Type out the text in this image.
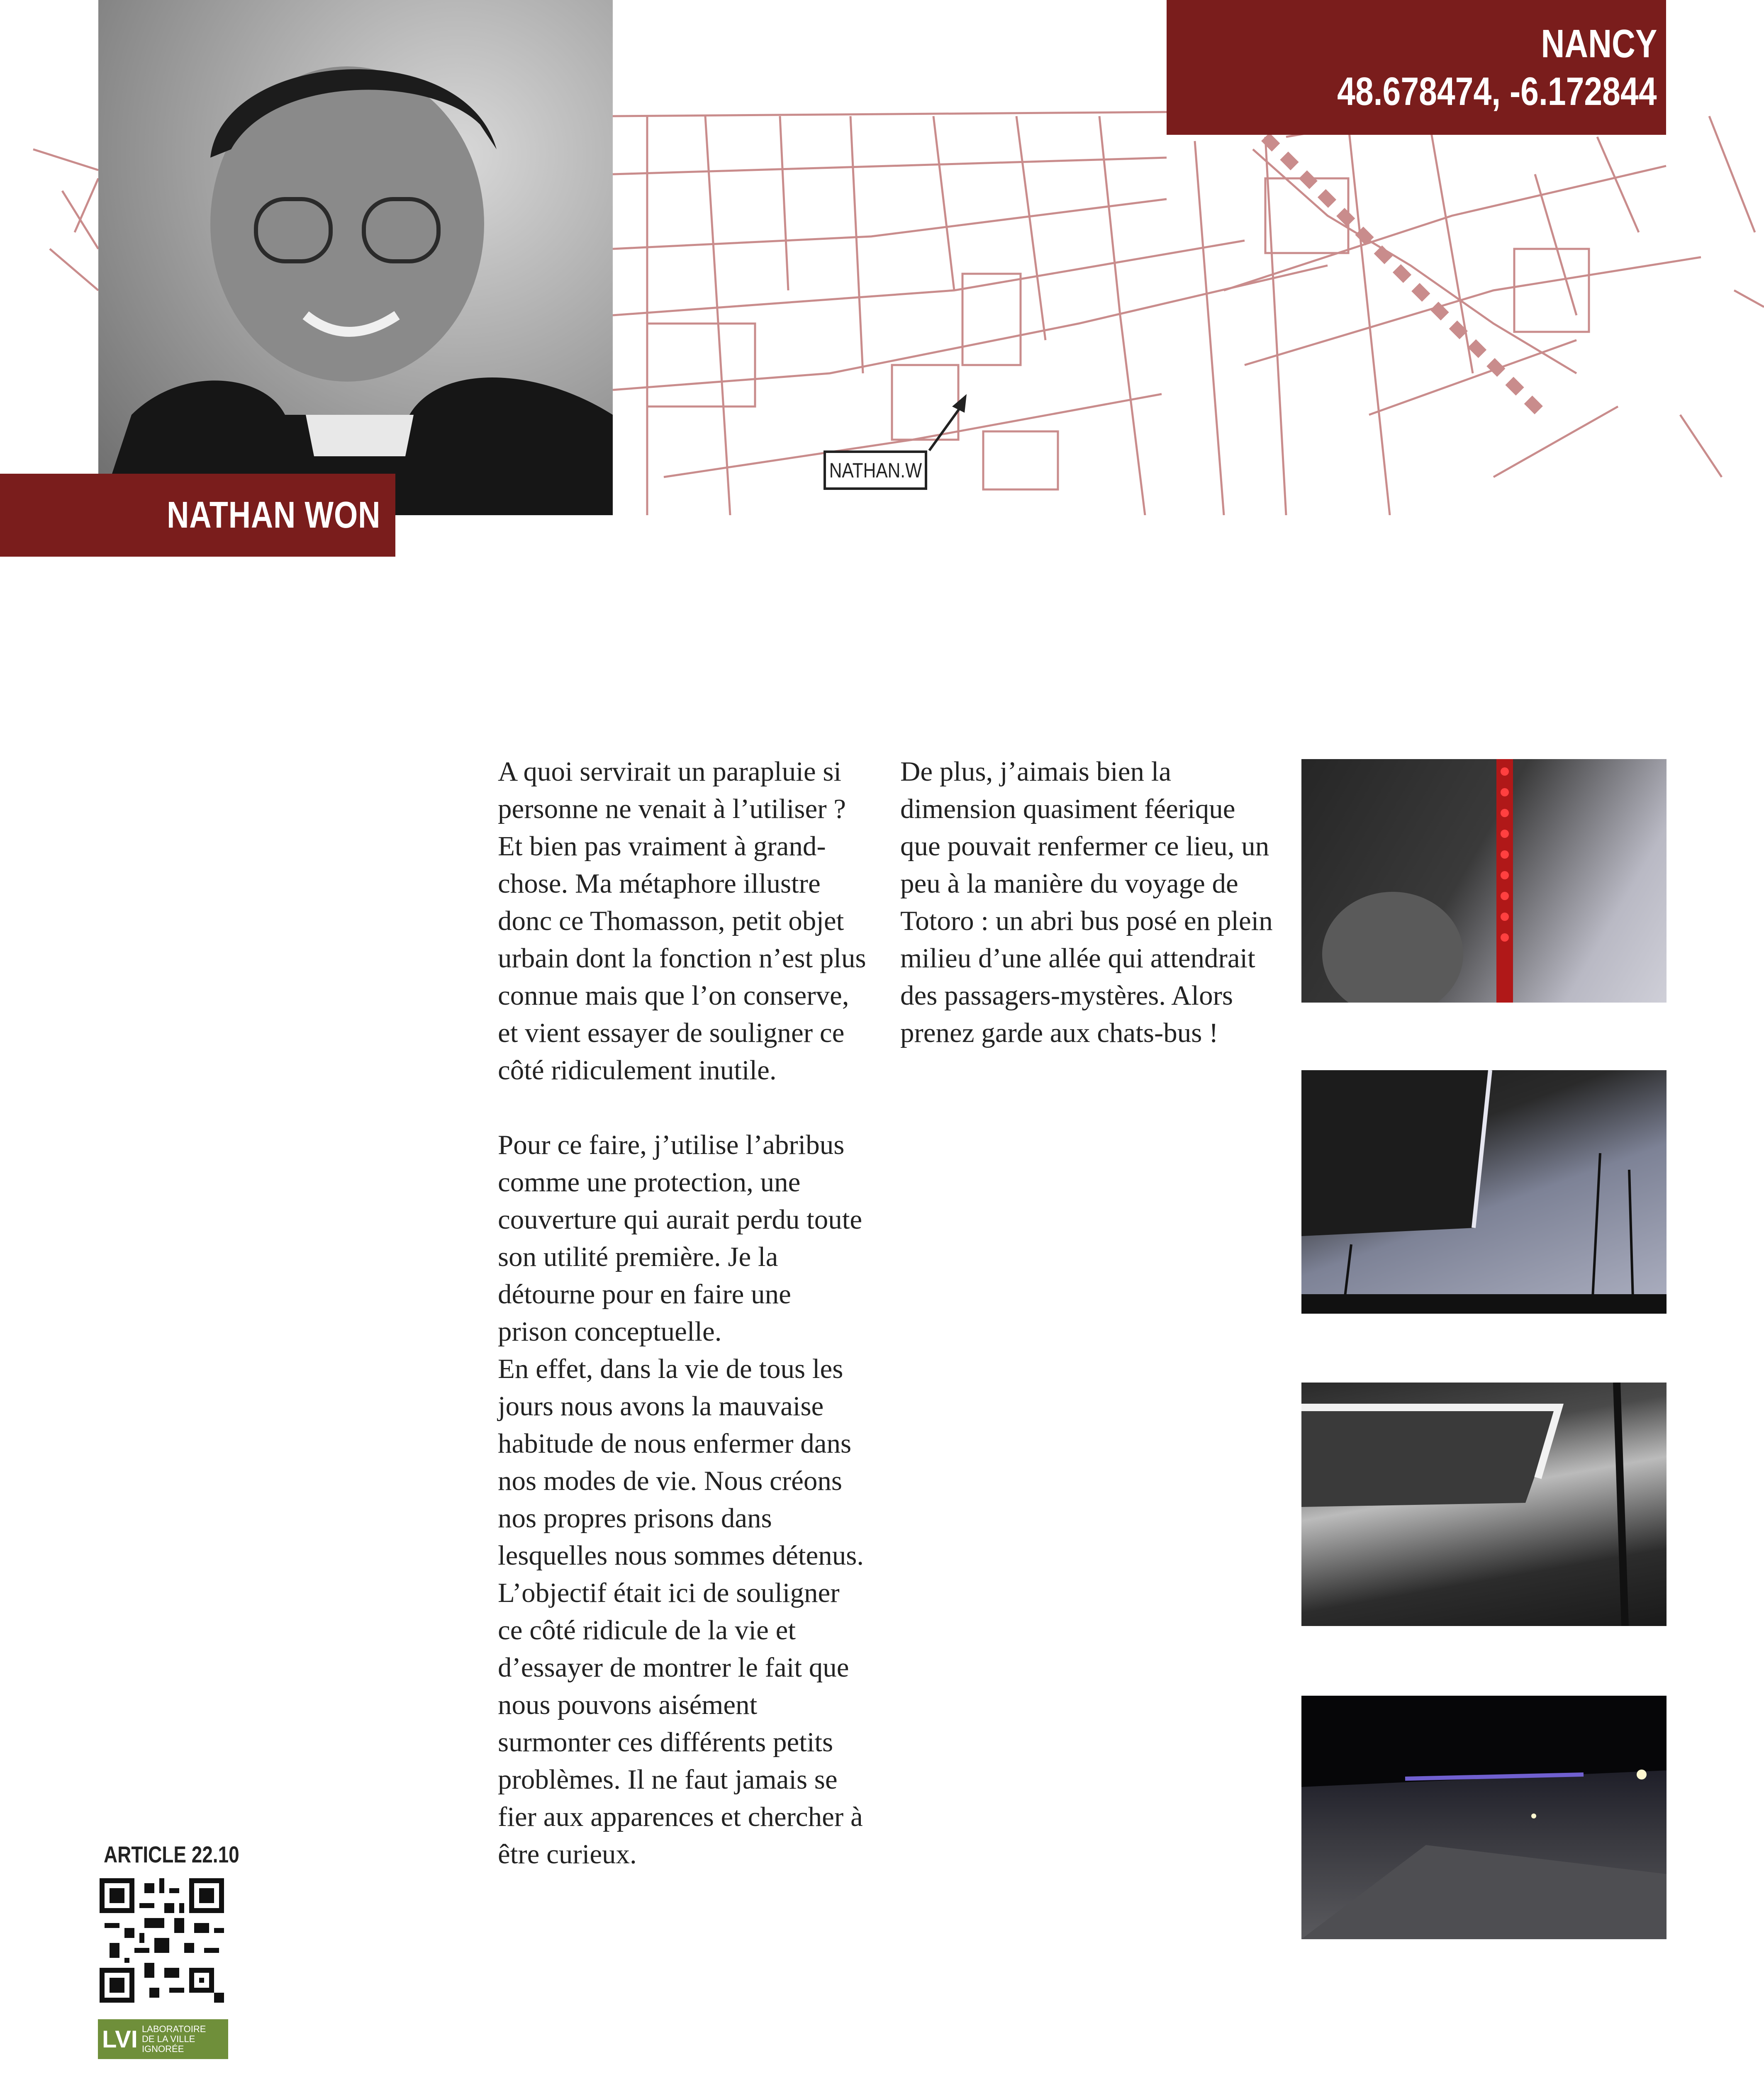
NATHAN WON
NANCY
48.678474, -6.172844
NATHAN.W

A quoi servirait un parapluie si personne ne venait à l’utiliser ? Et bien pas vraiment à grand-chose. Ma métaphore illustre donc ce Thomasson, petit objet urbain dont la fonction n’est plus connue mais que l’on conserve, et vient essayer de souligner ce côté ridiculement inutile.

Pour ce faire, j’utilise l’abribus comme une protection, une couverture qui aurait perdu toute son utilité première. Je la détourne pour en faire une prison conceptuelle.

En effet, dans la vie de tous les jours nous avons la mauvaise habitude de nous enfermer dans nos modes de vie. Nous créons nos propres prisons dans lesquelles nous sommes détenus. L’objectif était ici de souligner ce côté ridicule de la vie et d’essayer de montrer le fait que nous pouvons aisément surmonter ces différents petits problèmes. Il ne faut jamais se fier aux apparences et chercher à être curieux.

De plus, j’aimais bien la dimension quasiment féerique que pouvait renfermer ce lieu, un peu à la manière du voyage de Totoro : un abri bus posé en plein milieu d’une allée qui attendrait des passagers-mystères. Alors prenez garde aux chats-bus !

ARTICLE 22.10
LVI LABORATOIRE
DE LA VILLE IGNORÉE
